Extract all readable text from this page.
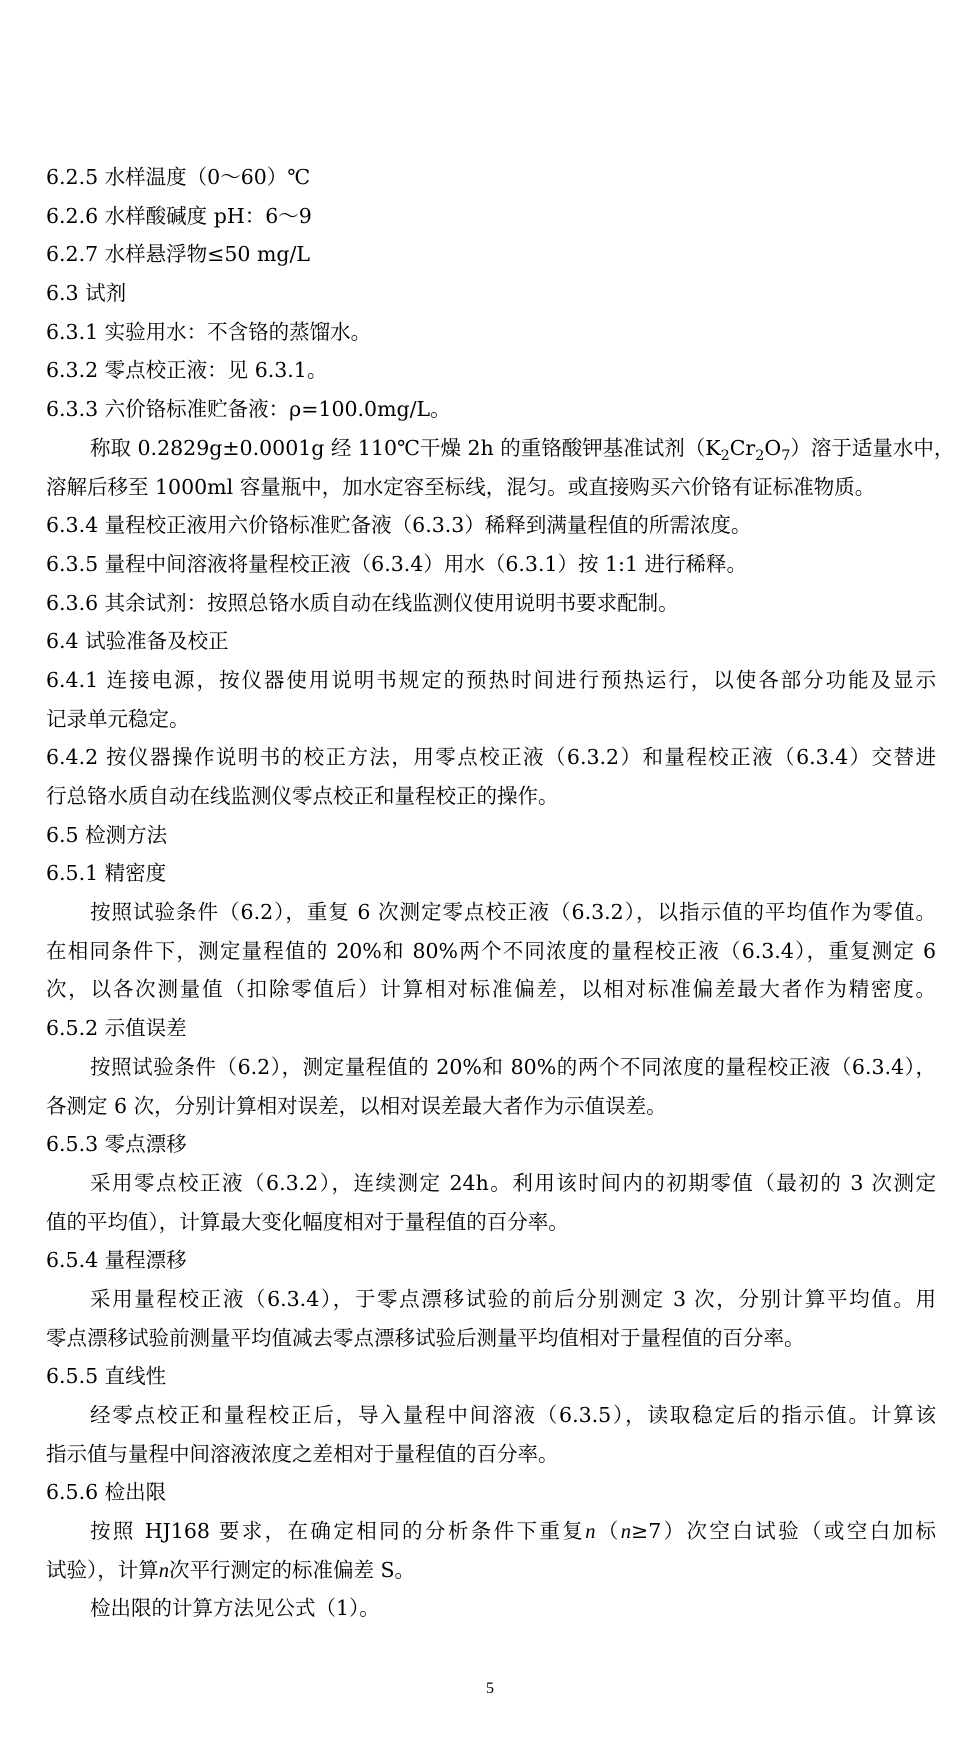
6.2.5 水样温度（0～60）℃
6.2.6 水样酸碱度 pH：6～9
6.2.7 水样悬浮物≤50 mg/L
6.3 试剂
6.3.1 实验用水：不含铬的蒸馏水。
6.3.2 零点校正液：见 6.3.1。
6.3.3 六价铬标准贮备液：ρ=100.0mg/L。
称取 0.2829g±0.0001g 经 110℃干燥 2h 的重铬酸钾基准试剂$(K_2Cr_2O_7)$溶于适量水中，
溶解后移至 1000ml 容量瓶中，加水定容至标线，混匀。或直接购买六价铬有证标准物质。
6.3.4 量程校正液用六价铬标准贮备液（6.3.3）稀释到满量程值的所需浓度。
6.3.5 量程中间溶液将量程校正液（6.3.4）用水（6.3.1）按 1:1 进行稀释。
6.3.6 其余试剂：按照总铬水质自动在线监测仪使用说明书要求配制。
6.4 试验准备及校正
6.4.1 连接电源，按仪器使用说明书规定的预热时间进行预热运行，以使各部分功能及显示
记录单元稳定。
6.4.2 按仪器操作说明书的校正方法，用零点校正液（6.3.2）和量程校正液（6.3.4）交替进
行总铬水质自动在线监测仪零点校正和量程校正的操作。
6.5 检测方法
6.5.1 精密度
按照试验条件（6.2），重复 6 次测定零点校正液（6.3.2），以指示值的平均值作为零值。
在相同条件下，测定量程值的 20%和 80%两个不同浓度的量程校正液（6.3.4），重复测定 6
次，以各次测量值（扣除零值后）计算相对标准偏差，以相对标准偏差最大者作为精密度。
6.5.2 示值误差
按照试验条件（6.2），测定量程值的 20%和 80%的两个不同浓度的量程校正液（6.3.4），
各测定 6 次，分别计算相对误差，以相对误差最大者作为示值误差。
6.5.3 零点漂移
采用零点校正液（6.3.2），连续测定 24h。利用该时间内的初期零值（最初的 3 次测定
值的平均值），计算最大变化幅度相对于量程值的百分率。
6.5.4 量程漂移
采用量程校正液（6.3.4），于零点漂移试验的前后分别测定 3 次，分别计算平均值。用
零点漂移试验前测量平均值减去零点漂移试验后测量平均值相对于量程值的百分率。
6.5.5 直线性
经零点校正和量程校正后，导入量程中间溶液（6.3.5），读取稳定后的指示值。计算该
指示值与量程中间溶液浓度之差相对于量程值的百分率。
6.5.6 检出限
按照 HJ168 要求，在确定相同的分析条件下重复n（n≥7）次空白试验（或空白加标
试验），计算n次平行测定的标准偏差 S。
检出限的计算方法见公式（1）。
5
